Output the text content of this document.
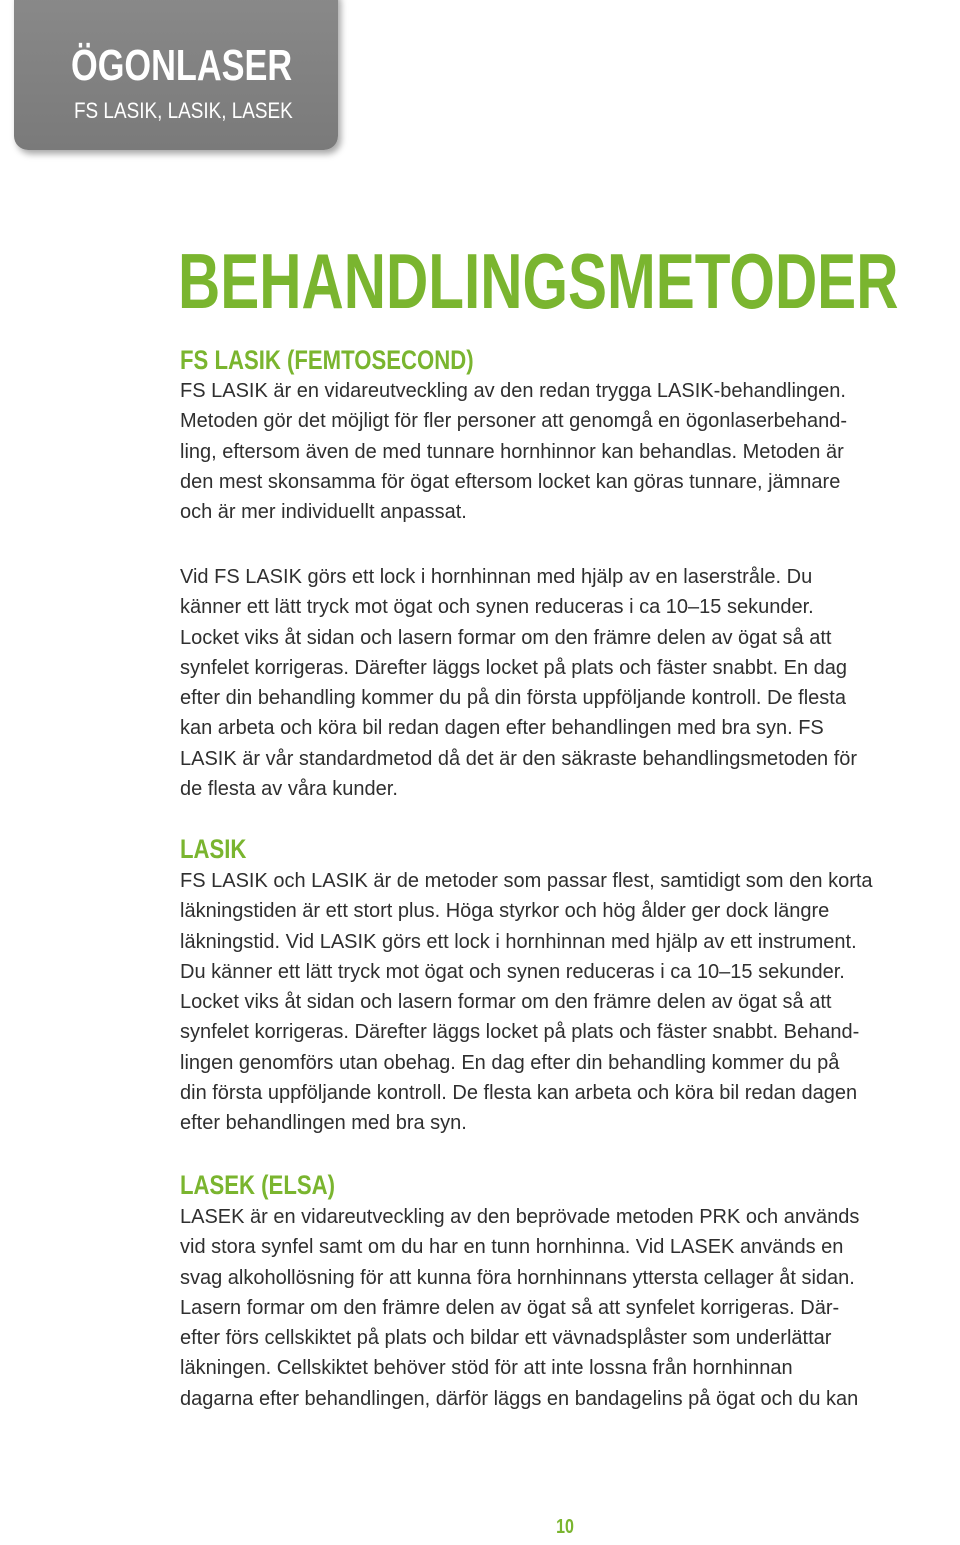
ÖGONLASER

FS LASIK, LASIK, LASEK

BEHANDLINGSMETODER
FS LASIK (FEMTOSECOND)
FS LASIK är en vidareutveckling av den redan trygga LASIK-behandlingen.
Metoden gör det möjligt för fler personer att genomgå en ögonlaserbehand-
ling, eftersom även de med tunnare hornhinnor kan behandlas. Metoden är
den mest skonsamma för ögat eftersom locket kan göras tunnare, jämnare
och är mer individuellt anpassat.
Vid FS LASIK görs ett lock i hornhinnan med hjälp av en laserstråle. Du
känner ett lätt tryck mot ögat och synen reduceras i ca 10–15 sekunder.
Locket viks åt sidan och lasern formar om den främre delen av ögat så att
synfelet korrigeras. Därefter läggs locket på plats och fäster snabbt. En dag
efter din behandling kommer du på din första uppföljande kontroll. De flesta
kan arbeta och köra bil redan dagen efter behandlingen med bra syn. FS
LASIK är vår standardmetod då det är den säkraste behandlingsmetoden för
de flesta av våra kunder.
LASIK
FS LASIK och LASIK är de metoder som passar flest, samtidigt som den korta
läkningstiden är ett stort plus. Höga styrkor och hög ålder ger dock längre
läkningstid. Vid LASIK görs ett lock i hornhinnan med hjälp av ett instrument.
Du känner ett lätt tryck mot ögat och synen reduceras i ca 10–15 sekunder.
Locket viks åt sidan och lasern formar om den främre delen av ögat så att
synfelet korrigeras. Därefter läggs locket på plats och fäster snabbt. Behand-
lingen genomförs utan obehag. En dag efter din behandling kommer du på
din första uppföljande kontroll. De flesta kan arbeta och köra bil redan dagen
efter behandlingen med bra syn.
LASEK (ELSA)
LASEK är en vidareutveckling av den beprövade metoden PRK och används
vid stora synfel samt om du har en tunn hornhinna. Vid LASEK används en
svag alkohollösning för att kunna föra hornhinnans yttersta cellager åt sidan.
Lasern formar om den främre delen av ögat så att synfelet korrigeras. Där-
efter förs cellskiktet på plats och bildar ett vävnadsplåster som underlättar
läkningen. Cellskiktet behöver stöd för att inte lossna från hornhinnan
dagarna efter behandlingen, därför läggs en bandagelins på ögat och du kan

10
